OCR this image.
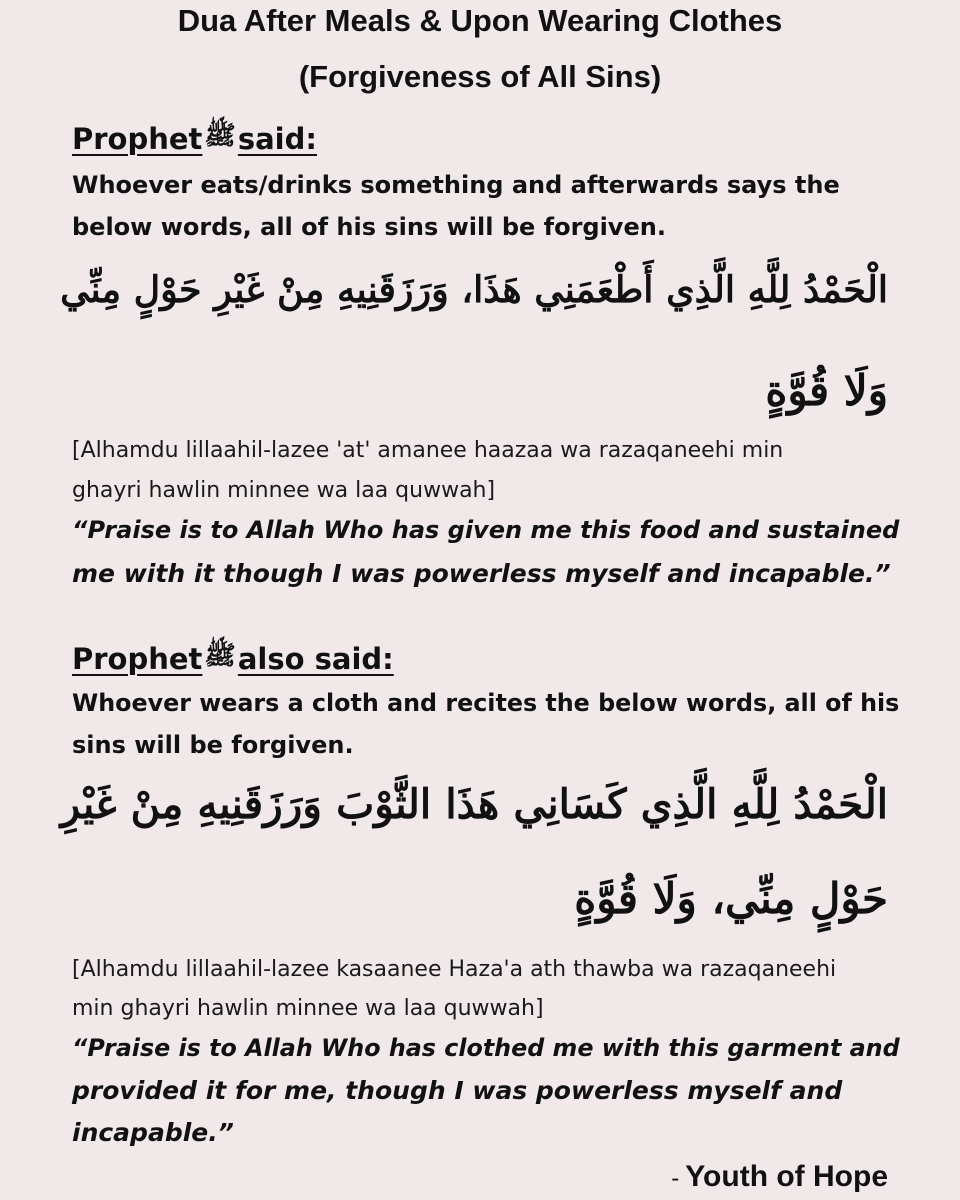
Dua After Meals & Upon Wearing Clothes
(Forgiveness of All Sins)
Prophetﷺsaid:
Whoever eats/drinks something and afterwards says the
below words, all of his sins will be forgiven.
الْحَمْدُ لِلَّهِ الَّذِي أَطْعَمَنِي هَذَا، وَرَزَقَنِيهِ مِنْ غَيْرِ حَوْلٍ مِنِّي
وَلَا قُوَّةٍ
[Alhamdu lillaahil-lazee 'at' amanee haazaa wa razaqaneehi min
ghayri hawlin minnee wa laa quwwah]
“Praise is to Allah Who has given me this food and sustained
me with it though I was powerless myself and incapable.”
Prophetﷺalso said:
Whoever wears a cloth and recites the below words, all of his
sins will be forgiven.
الْحَمْدُ لِلَّهِ الَّذِي كَسَانِي هَذَا الثَّوْبَ وَرَزَقَنِيهِ مِنْ غَيْرِ
حَوْلٍ مِنِّي، وَلَا قُوَّةٍ
[Alhamdu lillaahil-lazee kasaanee Haza'a ath thawba wa razaqaneehi
min ghayri hawlin minnee wa laa quwwah]
“Praise is to Allah Who has clothed me with this garment and
provided it for me, though I was powerless myself and
incapable.”
- Youth of Hope
